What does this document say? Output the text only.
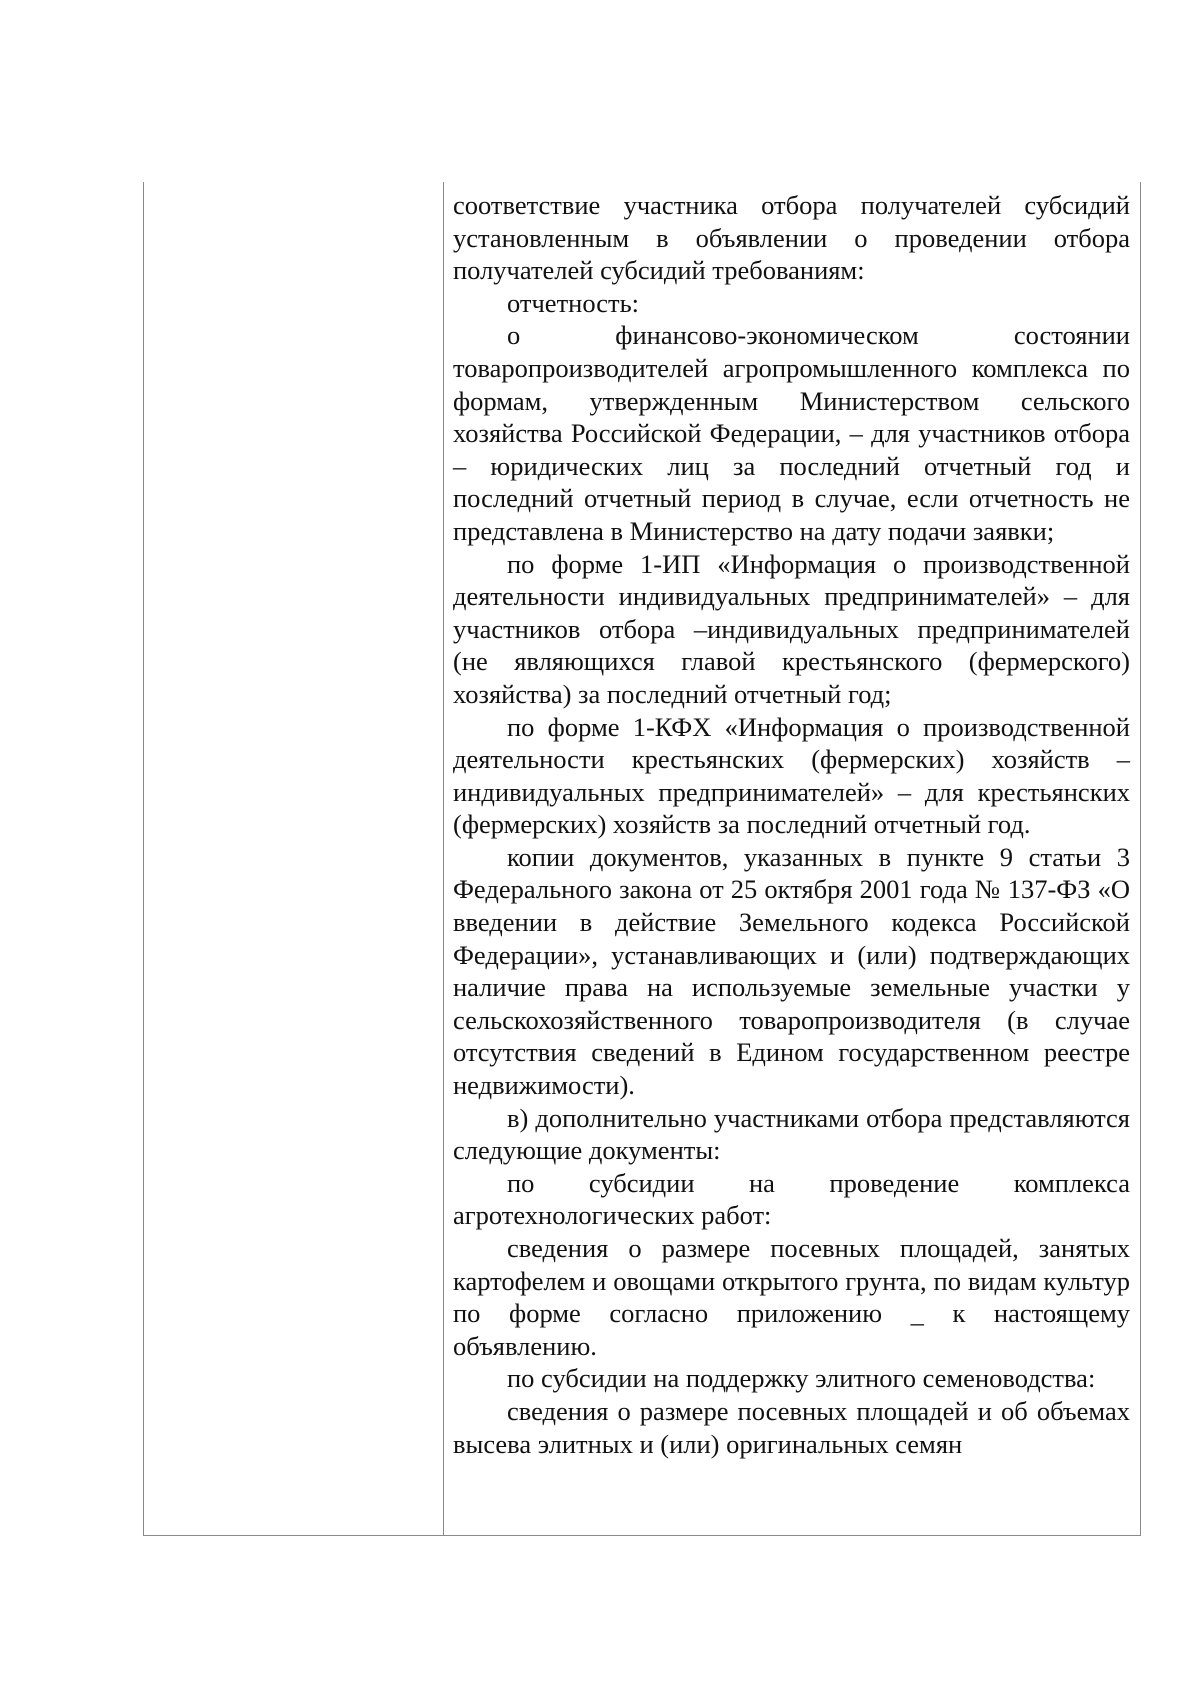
соответствие участника отбора получателей субсидий установленным в объявлении о проведении отбора получателей субсидий требованиям:

отчетность:

о финансово-экономическом состоянии товаропроизводителей агропромышленного комплекса по формам, утвержденным Министерством сельского хозяйства Российской Федерации, – для участников отбора – юридических лиц за последний отчетный год и последний отчетный период в случае, если отчетность не представлена в Министерство на дату подачи заявки;

по форме 1-ИП «Информация о производственной деятельности индивидуальных предпринимателей» – для участников отбора –индивидуальных предпринимателей (не являющихся главой крестьянского (фермерского) хозяйства) за последний отчетный год;

по форме 1-КФХ «Информация о производственной деятельности крестьянских (фермерских) хозяйств – индивидуальных предпринимателей» – для крестьянских (фермерских) хозяйств за последний отчетный год.

копии документов, указанных в пункте 9 статьи 3 Федерального закона от 25 октября 2001 года № 137-ФЗ «О введении в действие Земельного кодекса Российской Федерации», устанавливающих и (или) подтверждающих наличие права на используемые земельные участки у сельскохозяйственного товаропроизводителя (в случае отсутствия сведений в Едином государственном реестре недвижимости).

в) дополнительно участниками отбора представляются следующие документы:

по субсидии на проведение комплекса агротехнологических работ:

сведения о размере посевных площадей, занятых картофелем и овощами открытого грунта, по видам культур по форме согласно приложению _ к настоящему объявлению.

по субсидии на поддержку элитного семеноводства:

сведения о размере посевных площадей и об объемах высева элитных и (или) оригинальных семян
